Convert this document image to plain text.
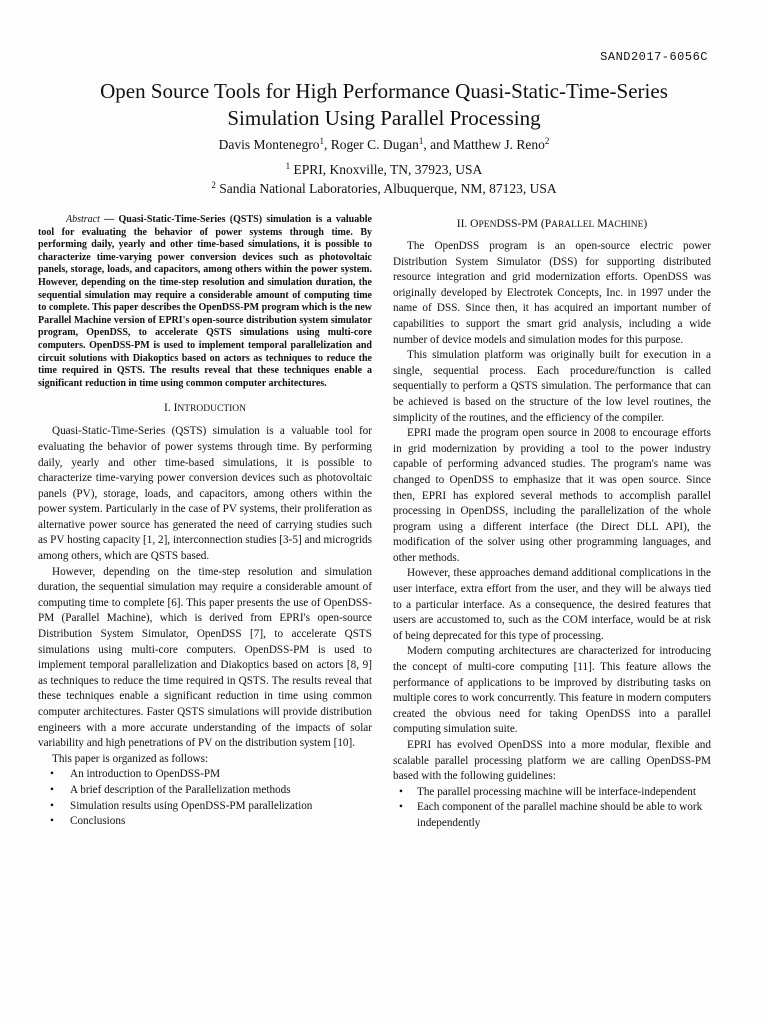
SAND2017-6056C
Open Source Tools for High Performance Quasi-Static-Time-Series
Simulation Using Parallel Processing
Davis Montenegro$^1$, Roger C. Dugan$^1$, and Matthew J. Reno$^2$
$^1$ EPRI, Knoxville, TN, 37923, USA
$^2$ Sandia National Laboratories, Albuquerque, NM, 87123, USA

Abstract — Quasi-Static-Time-Series (QSTS) simulation is a valuable tool for evaluating the behavior of power systems through time. By performing daily, yearly and other time-based simulations, it is possible to characterize time-varying power conversion devices such as photovoltaic panels, storage, loads, and capacitors, among others within the power system. However, depending on the time-step resolution and simulation duration, the sequential simulation may require a considerable amount of computing time to complete. This paper describes the OpenDSS-PM program which is the new Parallel Machine version of EPRI's open-source distribution system simulator program, OpenDSS, to accelerate QSTS simulations using multi-core computers. OpenDSS-PM is used to implement temporal parallelization and circuit solutions with Diakoptics based on actors as techniques to reduce the time required in QSTS. The results reveal that these techniques enable a significant reduction in time using common computer architectures.

I. INTRODUCTION

Quasi-Static-Time-Series (QSTS) simulation is a valuable tool for evaluating the behavior of power systems through time. By performing daily, yearly and other time-based simulations, it is possible to characterize time-varying power conversion devices such as photovoltaic panels (PV), storage, loads, and capacitors, among others within the power system. Particularly in the case of PV systems, their proliferation as alternative power source has generated the need of carrying studies such as PV hosting capacity [1, 2], interconnection studies [3-5] and microgrids among others, which are QSTS based.

However, depending on the time-step resolution and simulation duration, the sequential simulation may require a considerable amount of computing time to complete [6]. This paper presents the use of OpenDSS-PM (Parallel Machine), which is derived from EPRI's open-source Distribution System Simulator, OpenDSS [7], to accelerate QSTS simulations using multi-core computers. OpenDSS-PM is used to implement temporal parallelization and Diakoptics based on actors [8, 9] as techniques to reduce the time required in QSTS. The results reveal that these techniques enable a significant reduction in time using common computer architectures. Faster QSTS simulations will provide distribution engineers with a more accurate understanding of the impacts of solar variability and high penetrations of PV on the distribution system [10].

This paper is organized as follows:

• An introduction to OpenDSS-PM
• A brief description of the Parallelization methods
• Simulation results using OpenDSS-PM parallelization
• Conclusions
II. OPENDSS-PM (PARALLEL MACHINE)

The OpenDSS program is an open-source electric power Distribution System Simulator (DSS) for supporting distributed resource integration and grid modernization efforts. OpenDSS was originally developed by Electrotek Concepts, Inc. in 1997 under the name of DSS. Since then, it has acquired an important number of capabilities to support the smart grid analysis, including a wide number of device models and simulation modes for this purpose.

This simulation platform was originally built for execution in a single, sequential process. Each procedure/function is called sequentially to perform a QSTS simulation. The performance that can be achieved is based on the structure of the low level routines, the simplicity of the routines, and the efficiency of the compiler.

EPRI made the program open source in 2008 to encourage efforts in grid modernization by providing a tool to the power industry capable of performing advanced studies. The program's name was changed to OpenDSS to emphasize that it was open source. Since then, EPRI has explored several methods to accomplish parallel processing in OpenDSS, including the parallelization of the whole program using a different interface (the Direct DLL API), the modification of the solver using other programming languages, and other methods.

However, these approaches demand additional complications in the user interface, extra effort from the user, and they will be always tied to a particular interface. As a consequence, the desired features that users are accustomed to, such as the COM interface, would be at risk of being deprecated for this type of processing.

Modern computing architectures are characterized for introducing the concept of multi-core computing [11]. This feature allows the performance of applications to be improved by distributing tasks on multiple cores to work concurrently. This feature in modern computers created the obvious need for taking OpenDSS into a parallel computing simulation suite.

EPRI has evolved OpenDSS into a more modular, flexible and scalable parallel processing platform we are calling OpenDSS-PM based with the following guidelines:

• The parallel processing machine will be interface-independent
• Each component of the parallel machine should be able to work independently
